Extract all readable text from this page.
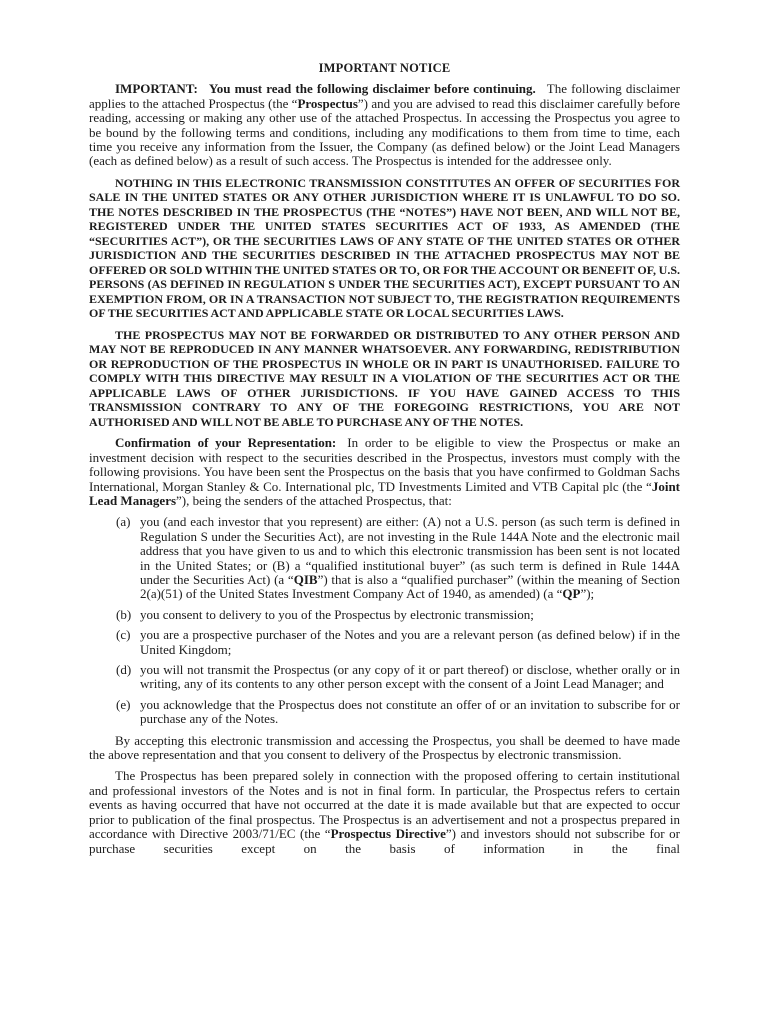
IMPORTANT NOTICE

IMPORTANT: You must read the following disclaimer before continuing. The following disclaimer applies to the attached Prospectus (the “Prospectus”) and you are advised to read this disclaimer carefully before reading, accessing or making any other use of the attached Prospectus. In accessing the Prospectus you agree to be bound by the following terms and conditions, including any modifications to them from time to time, each time you receive any information from the Issuer, the Company (as defined below) or the Joint Lead Managers (each as defined below) as a result of such access. The Prospectus is intended for the addressee only.

NOTHING IN THIS ELECTRONIC TRANSMISSION CONSTITUTES AN OFFER OF SECURITIES FOR SALE IN THE UNITED STATES OR ANY OTHER JURISDICTION WHERE IT IS UNLAWFUL TO DO SO. THE NOTES DESCRIBED IN THE PROSPECTUS (THE “NOTES”) HAVE NOT BEEN, AND WILL NOT BE, REGISTERED UNDER THE UNITED STATES SECURITIES ACT OF 1933, AS AMENDED (THE “SECURITIES ACT”), OR THE SECURITIES LAWS OF ANY STATE OF THE UNITED STATES OR OTHER JURISDICTION AND THE SECURITIES DESCRIBED IN THE ATTACHED PROSPECTUS MAY NOT BE OFFERED OR SOLD WITHIN THE UNITED STATES OR TO, OR FOR THE ACCOUNT OR BENEFIT OF, U.S. PERSONS (AS DEFINED IN REGULATION S UNDER THE SECURITIES ACT), EXCEPT PURSUANT TO AN EXEMPTION FROM, OR IN A TRANSACTION NOT SUBJECT TO, THE REGISTRATION REQUIREMENTS OF THE SECURITIES ACT AND APPLICABLE STATE OR LOCAL SECURITIES LAWS.

THE PROSPECTUS MAY NOT BE FORWARDED OR DISTRIBUTED TO ANY OTHER PERSON AND MAY NOT BE REPRODUCED IN ANY MANNER WHATSOEVER. ANY FORWARDING, REDISTRIBUTION OR REPRODUCTION OF THE PROSPECTUS IN WHOLE OR IN PART IS UNAUTHORISED. FAILURE TO COMPLY WITH THIS DIRECTIVE MAY RESULT IN A VIOLATION OF THE SECURITIES ACT OR THE APPLICABLE LAWS OF OTHER JURISDICTIONS. IF YOU HAVE GAINED ACCESS TO THIS TRANSMISSION CONTRARY TO ANY OF THE FOREGOING RESTRICTIONS, YOU ARE NOT AUTHORISED AND WILL NOT BE ABLE TO PURCHASE ANY OF THE NOTES.

Confirmation of your Representation: In order to be eligible to view the Prospectus or make an investment decision with respect to the securities described in the Prospectus, investors must comply with the following provisions. You have been sent the Prospectus on the basis that you have confirmed to Goldman Sachs International, Morgan Stanley & Co. International plc, TD Investments Limited and VTB Capital plc (the “Joint Lead Managers”), being the senders of the attached Prospectus, that:

(a) you (and each investor that you represent) are either: (A) not a U.S. person (as such term is defined in Regulation S under the Securities Act), are not investing in the Rule 144A Note and the electronic mail address that you have given to us and to which this electronic transmission has been sent is not located in the United States; or (B) a “qualified institutional buyer” (as such term is defined in Rule 144A under the Securities Act) (a “QIB”) that is also a “qualified purchaser” (within the meaning of Section 2(a)(51) of the United States Investment Company Act of 1940, as amended) (a “QP”);
(b) you consent to delivery to you of the Prospectus by electronic transmission;
(c) you are a prospective purchaser of the Notes and you are a relevant person (as defined below) if in the United Kingdom;
(d) you will not transmit the Prospectus (or any copy of it or part thereof) or disclose, whether orally or in writing, any of its contents to any other person except with the consent of a Joint Lead Manager; and
(e) you acknowledge that the Prospectus does not constitute an offer of or an invitation to subscribe for or purchase any of the Notes.

By accepting this electronic transmission and accessing the Prospectus, you shall be deemed to have made the above representation and that you consent to delivery of the Prospectus by electronic transmission.

The Prospectus has been prepared solely in connection with the proposed offering to certain institutional and professional investors of the Notes and is not in final form. In particular, the Prospectus refers to certain events as having occurred that have not occurred at the date it is made available but that are expected to occur prior to publication of the final prospectus. The Prospectus is an advertisement and not a prospectus prepared in accordance with Directive 2003/71/EC (the “Prospectus Directive”) and investors should not subscribe for or purchase securities except on the basis of information in the final
